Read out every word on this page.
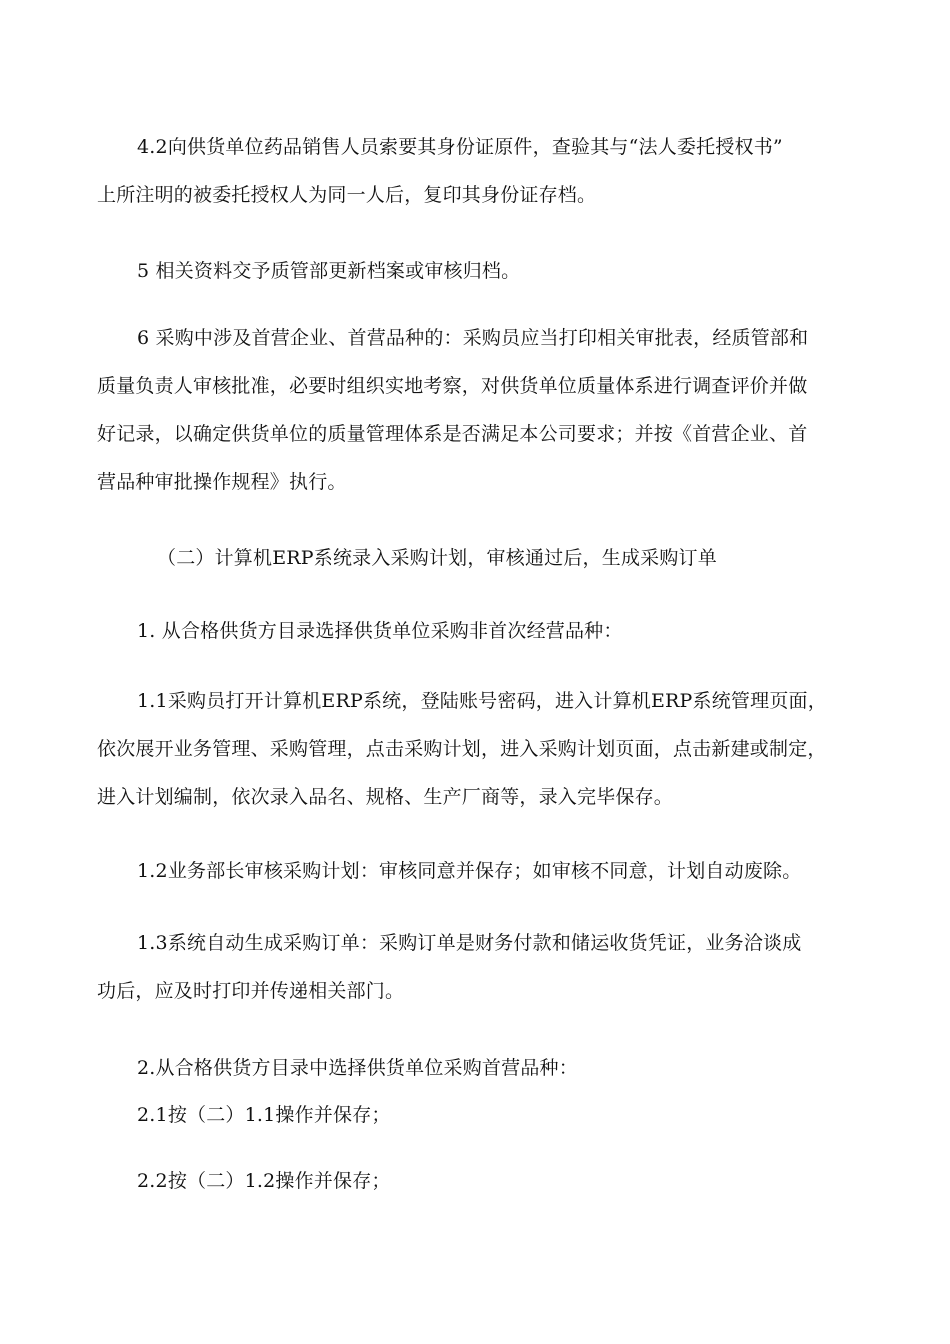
4.2向供货单位药品销售人员索要其身份证原件，查验其与“法人委托授权书”
上所注明的被委托授权人为同一人后，复印其身份证存档。
5 相关资料交予质管部更新档案或审核归档。
6 采购中涉及首营企业、首营品种的：采购员应当打印相关审批表，经质管部和
质量负责人审核批准，必要时组织实地考察，对供货单位质量体系进行调查评价并做
好记录，以确定供货单位的质量管理体系是否满足本公司要求；并按《首营企业、首
营品种审批操作规程》执行。
（二）计算机ERP系统录入采购计划，审核通过后，生成采购订单
1. 从合格供货方目录选择供货单位采购非首次经营品种：
1.1采购员打开计算机ERP系统，登陆账号密码，进入计算机ERP系统管理页面，
依次展开业务管理、采购管理，点击采购计划，进入采购计划页面，点击新建或制定，
进入计划编制，依次录入品名、规格、生产厂商等，录入完毕保存。
1.2业务部长审核采购计划：审核同意并保存；如审核不同意，计划自动废除。
1.3系统自动生成采购订单：采购订单是财务付款和储运收货凭证，业务洽谈成
功后，应及时打印并传递相关部门。
2.从合格供货方目录中选择供货单位采购首营品种：
2.1按（二）1.1操作并保存；
2.2按（二）1.2操作并保存；
